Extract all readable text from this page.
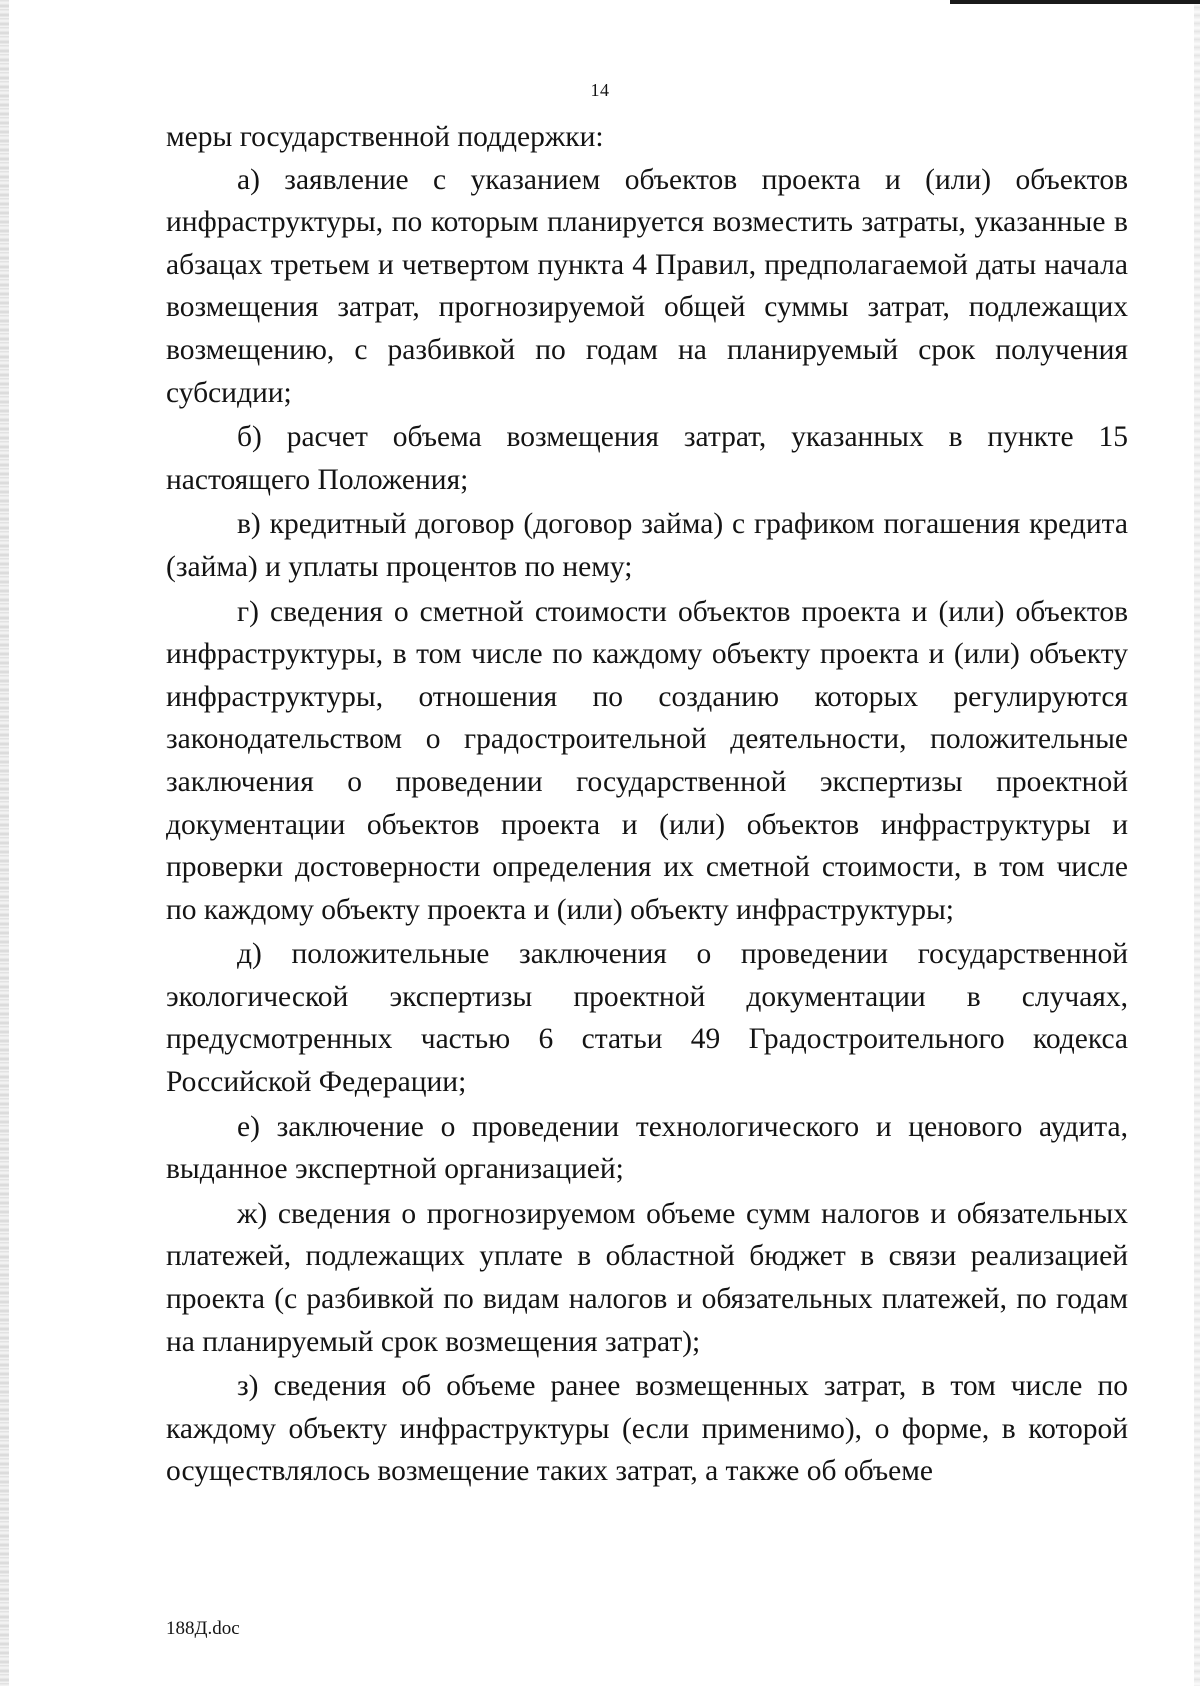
14

меры государственной поддержки:

а) заявление с указанием объектов проекта и (или) объектов инфраструктуры, по которым планируется возместить затраты, указанные в абзацах третьем и четвертом пункта 4 Правил, предполагаемой даты начала возмещения затрат, прогнозируемой общей суммы затрат, подлежащих возмещению, с разбивкой по годам на планируемый срок получения субсидии;

б) расчет объема возмещения затрат, указанных в пункте 15 настоящего Положения;

в) кредитный договор (договор займа) с графиком погашения кредита (займа) и уплаты процентов по нему;

г) сведения о сметной стоимости объектов проекта и (или) объектов инфраструктуры, в том числе по каждому объекту проекта и (или) объекту инфраструктуры, отношения по созданию которых регулируются законодательством о градостроительной деятельности, положительные заключения о проведении государственной экспертизы проектной документации объектов проекта и (или) объектов инфраструктуры и проверки достоверности определения их сметной стоимости, в том числе по каждому объекту проекта и (или) объекту инфраструктуры;

д) положительные заключения о проведении государственной экологической экспертизы проектной документации в случаях, предусмотренных частью 6 статьи 49 Градостроительного кодекса Российской Федерации;

е) заключение о проведении технологического и ценового аудита, выданное экспертной организацией;

ж) сведения о прогнозируемом объеме сумм налогов и обязательных платежей, подлежащих уплате в областной бюджет в связи реализацией проекта (с разбивкой по видам налогов и обязательных платежей, по годам на планируемый срок возмещения затрат);

з) сведения об объеме ранее возмещенных затрат, в том числе по каждому объекту инфраструктуры (если применимо), о форме, в которой осуществлялось возмещение таких затрат, а также об объеме

188Д.doc
